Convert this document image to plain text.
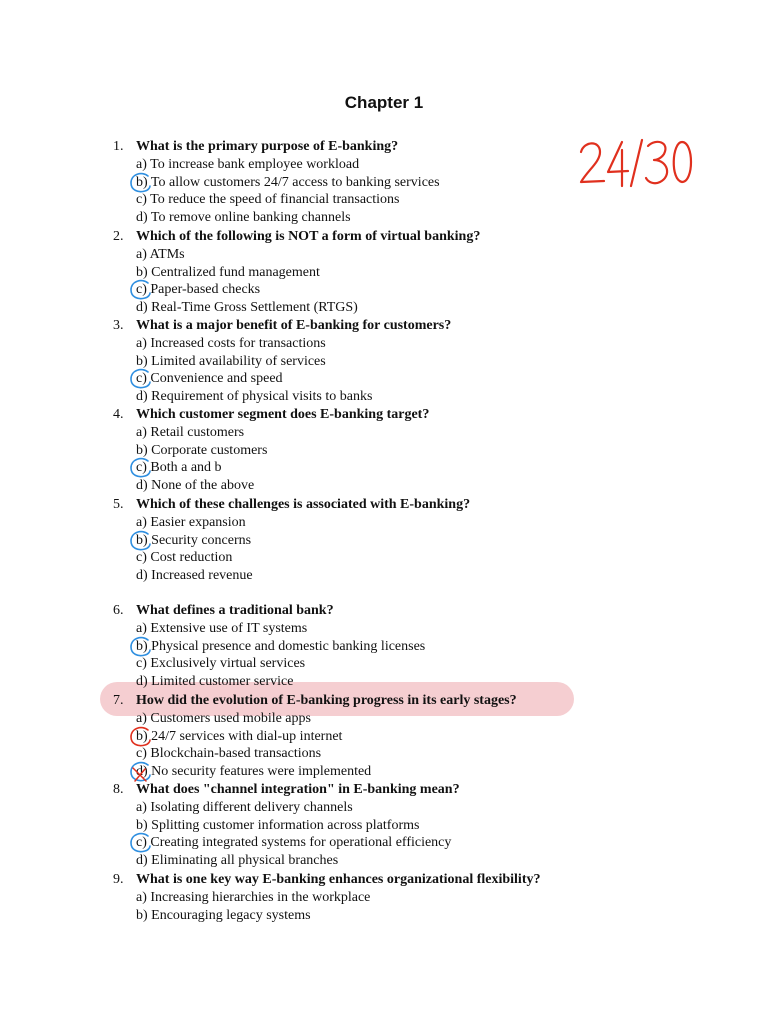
Chapter 1
1. What is the primary purpose of E-banking?
a) To increase bank employee workload
b) To allow customers 24/7 access to banking services
c) To reduce the speed of financial transactions
d) To remove online banking channels
2. Which of the following is NOT a form of virtual banking?
a) ATMs
b) Centralized fund management
c) Paper-based checks
d) Real-Time Gross Settlement (RTGS)
3. What is a major benefit of E-banking for customers?
a) Increased costs for transactions
b) Limited availability of services
c) Convenience and speed
d) Requirement of physical visits to banks
4. Which customer segment does E-banking target?
a) Retail customers
b) Corporate customers
c) Both a and b
d) None of the above
5. Which of these challenges is associated with E-banking?
a) Easier expansion
b) Security concerns
c) Cost reduction
d) Increased revenue
6. What defines a traditional bank?
a) Extensive use of IT systems
b) Physical presence and domestic banking licenses
c) Exclusively virtual services
d) Limited customer service
7. How did the evolution of E-banking progress in its early stages?
a) Customers used mobile apps
b) 24/7 services with dial-up internet
c) Blockchain-based transactions
d) No security features were implemented
8. What does "channel integration" in E-banking mean?
a) Isolating different delivery channels
b) Splitting customer information across platforms
c) Creating integrated systems for operational efficiency
d) Eliminating all physical branches
9. What is one key way E-banking enhances organizational flexibility?
a) Increasing hierarchies in the workplace
b) Encouraging legacy systems
